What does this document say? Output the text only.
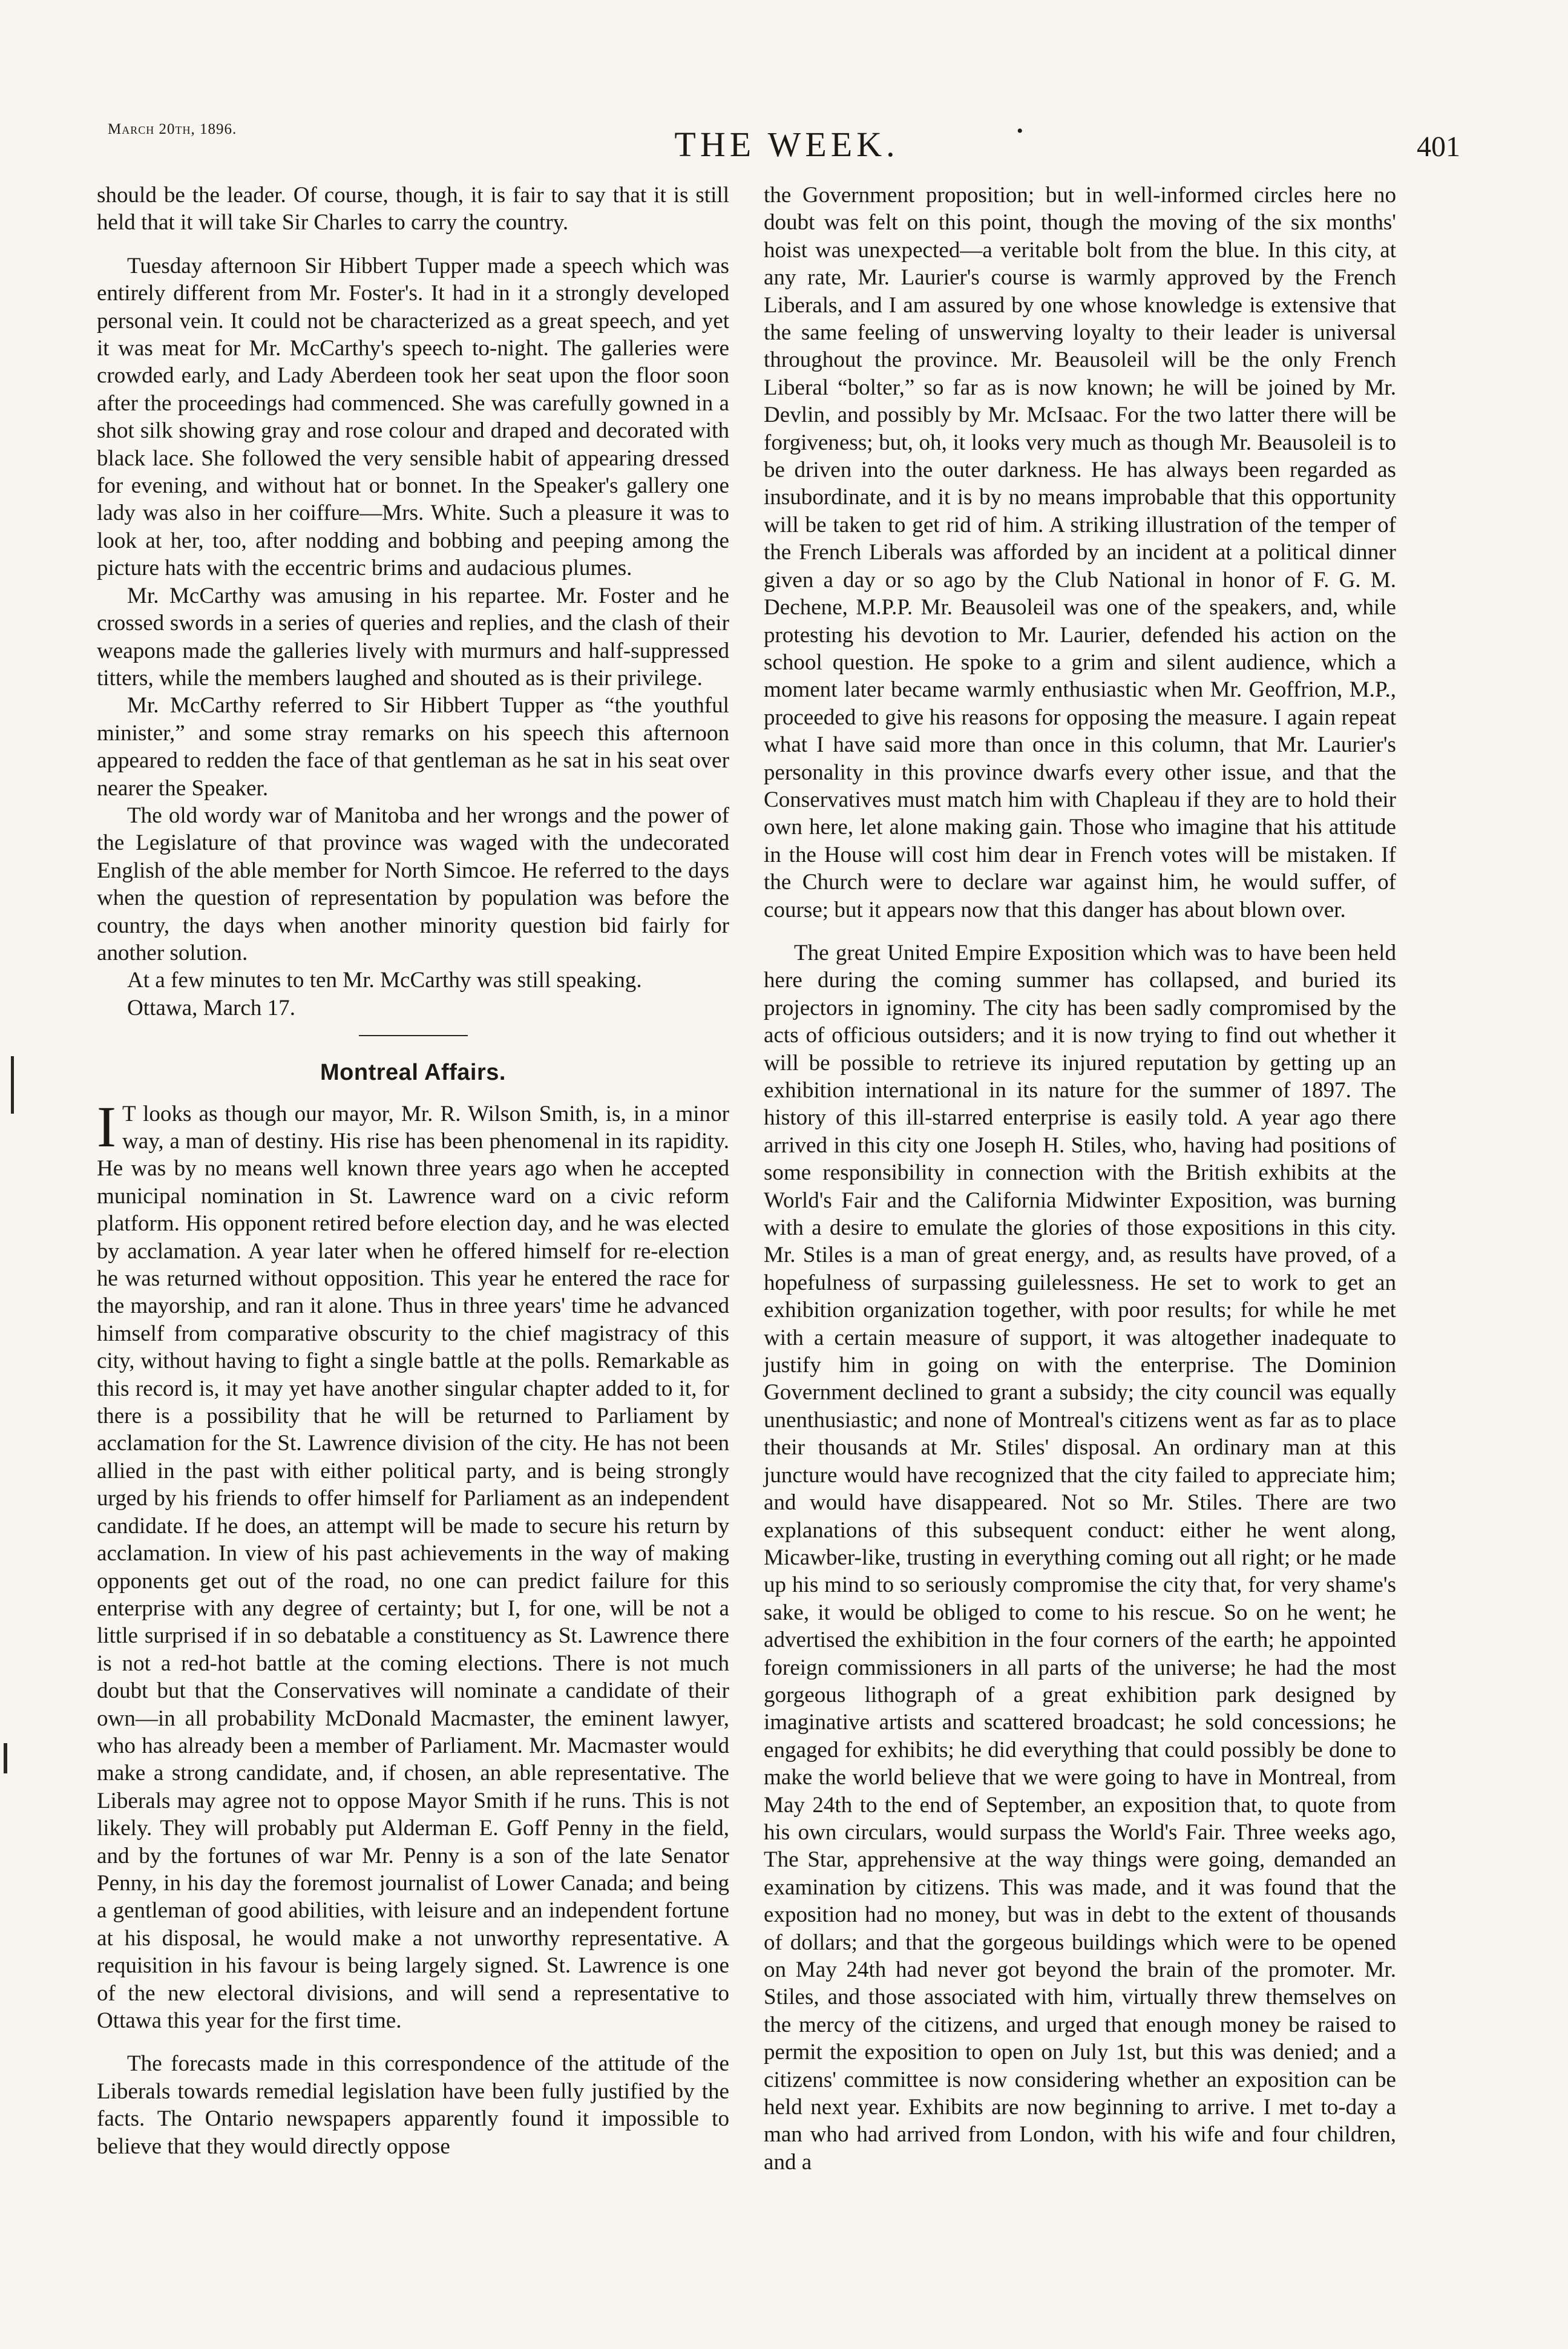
March 20th, 1896.	THE WEEK.	•	401

should be the leader. Of course, though, it is fair to say that it is still held that it will take Sir Charles to carry the country.

Tuesday afternoon Sir Hibbert Tupper made a speech which was entirely different from Mr. Foster's. It had in it a strongly developed personal vein. It could not be characterized as a great speech, and yet it was meat for Mr. McCarthy's speech to-night. The galleries were crowded early, and Lady Aberdeen took her seat upon the floor soon after the proceedings had commenced. She was carefully gowned in a shot silk showing gray and rose colour and draped and decorated with black lace. She followed the very sensible habit of appearing dressed for evening, and without hat or bonnet. In the Speaker's gallery one lady was also in her coiffure—Mrs. White. Such a pleasure it was to look at her, too, after nodding and bobbing and peeping among the picture hats with the eccentric brims and audacious plumes.

Mr. McCarthy was amusing in his repartee. Mr. Foster and he crossed swords in a series of queries and replies, and the clash of their weapons made the galleries lively with murmurs and half-suppressed titters, while the members laughed and shouted as is their privilege.

Mr. McCarthy referred to Sir Hibbert Tupper as “the youthful minister,” and some stray remarks on his speech this afternoon appeared to redden the face of that gentleman as he sat in his seat over nearer the Speaker.

The old wordy war of Manitoba and her wrongs and the power of the Legislature of that province was waged with the undecorated English of the able member for North Simcoe. He referred to the days when the question of representation by population was before the country, the days when another minority question bid fairly for another solution.

At a few minutes to ten Mr. McCarthy was still speaking.

Ottawa, March 17.

Montreal Affairs.

I T looks as though our mayor, Mr. R. Wilson Smith, is, in a minor way, a man of destiny. His rise has been phenomenal in its rapidity. He was by no means well known three years ago when he accepted municipal nomination in St. Lawrence ward on a civic reform platform. His opponent retired before election day, and he was elected by acclamation. A year later when he offered himself for re-election he was returned without opposition. This year he entered the race for the mayorship, and ran it alone. Thus in three years' time he advanced himself from comparative obscurity to the chief magistracy of this city, without having to fight a single battle at the polls. Remarkable as this record is, it may yet have another singular chapter added to it, for there is a possibility that he will be returned to Parliament by acclamation for the St. Lawrence division of the city. He has not been allied in the past with either political party, and is being strongly urged by his friends to offer himself for Parliament as an independent candidate. If he does, an attempt will be made to secure his return by acclamation. In view of his past achievements in the way of making opponents get out of the road, no one can predict failure for this enterprise with any degree of certainty; but I, for one, will be not a little surprised if in so debatable a constituency as St. Lawrence there is not a red-hot battle at the coming elections. There is not much doubt but that the Conservatives will nominate a candidate of their own—in all probability McDonald Macmaster, the eminent lawyer, who has already been a member of Parliament. Mr. Macmaster would make a strong candidate, and, if chosen, an able representative. The Liberals may agree not to oppose Mayor Smith if he runs. This is not likely. They will probably put Alderman E. Goff Penny in the field, and by the fortunes of war Mr. Penny is a son of the late Senator Penny, in his day the foremost journalist of Lower Canada; and being a gentleman of good abilities, with leisure and an independent fortune at his disposal, he would make a not unworthy representative. A requisition in his favour is being largely signed. St. Lawrence is one of the new electoral divisions, and will send a representative to Ottawa this year for the first time.

The forecasts made in this correspondence of the attitude of the Liberals towards remedial legislation have been fully justified by the facts. The Ontario newspapers apparently found it impossible to believe that they would directly oppose

the Government proposition; but in well-informed circles here no doubt was felt on this point, though the moving of the six months' hoist was unexpected—a veritable bolt from the blue. In this city, at any rate, Mr. Laurier's course is warmly approved by the French Liberals, and I am assured by one whose knowledge is extensive that the same feeling of unswerving loyalty to their leader is universal throughout the province. Mr. Beausoleil will be the only French Liberal “bolter,” so far as is now known; he will be joined by Mr. Devlin, and possibly by Mr. McIsaac. For the two latter there will be forgiveness; but, oh, it looks very much as though Mr. Beausoleil is to be driven into the outer darkness. He has always been regarded as insubordinate, and it is by no means improbable that this opportunity will be taken to get rid of him. A striking illustration of the temper of the French Liberals was afforded by an incident at a political dinner given a day or so ago by the Club National in honor of F. G. M. Dechene, M.P.P. Mr. Beausoleil was one of the speakers, and, while protesting his devotion to Mr. Laurier, defended his action on the school question. He spoke to a grim and silent audience, which a moment later became warmly enthusiastic when Mr. Geoffrion, M.P., proceeded to give his reasons for opposing the measure. I again repeat what I have said more than once in this column, that Mr. Laurier's personality in this province dwarfs every other issue, and that the Conservatives must match him with Chapleau if they are to hold their own here, let alone making gain. Those who imagine that his attitude in the House will cost him dear in French votes will be mistaken. If the Church were to declare war against him, he would suffer, of course; but it appears now that this danger has about blown over.

The great United Empire Exposition which was to have been held here during the coming summer has collapsed, and buried its projectors in ignominy. The city has been sadly compromised by the acts of officious outsiders; and it is now trying to find out whether it will be possible to retrieve its injured reputation by getting up an exhibition international in its nature for the summer of 1897. The history of this ill-starred enterprise is easily told. A year ago there arrived in this city one Joseph H. Stiles, who, having had positions of some responsibility in connection with the British exhibits at the World's Fair and the California Midwinter Exposition, was burning with a desire to emulate the glories of those expositions in this city. Mr. Stiles is a man of great energy, and, as results have proved, of a hopefulness of surpassing guilelessness. He set to work to get an exhibition organization together, with poor results; for while he met with a certain measure of support, it was altogether inadequate to justify him in going on with the enterprise. The Dominion Government declined to grant a subsidy; the city council was equally unenthusiastic; and none of Montreal's citizens went as far as to place their thousands at Mr. Stiles' disposal. An ordinary man at this juncture would have recognized that the city failed to appreciate him; and would have disappeared. Not so Mr. Stiles. There are two explanations of this subsequent conduct: either he went along, Micawber-like, trusting in everything coming out all right; or he made up his mind to so seriously compromise the city that, for very shame's sake, it would be obliged to come to his rescue. So on he went; he advertised the exhibition in the four corners of the earth; he appointed foreign commissioners in all parts of the universe; he had the most gorgeous lithograph of a great exhibition park designed by imaginative artists and scattered broadcast; he sold concessions; he engaged for exhibits; he did everything that could possibly be done to make the world believe that we were going to have in Montreal, from May 24th to the end of September, an exposition that, to quote from his own circulars, would surpass the World's Fair. Three weeks ago, The Star, apprehensive at the way things were going, demanded an examination by citizens. This was made, and it was found that the exposition had no money, but was in debt to the extent of thousands of dollars; and that the gorgeous buildings which were to be opened on May 24th had never got beyond the brain of the promoter. Mr. Stiles, and those associated with him, virtually threw themselves on the mercy of the citizens, and urged that enough money be raised to permit the exposition to open on July 1st, but this was denied; and a citizens' committee is now considering whether an exposition can be held next year. Exhibits are now beginning to arrive. I met to-day a man who had arrived from London, with his wife and four children, and a
